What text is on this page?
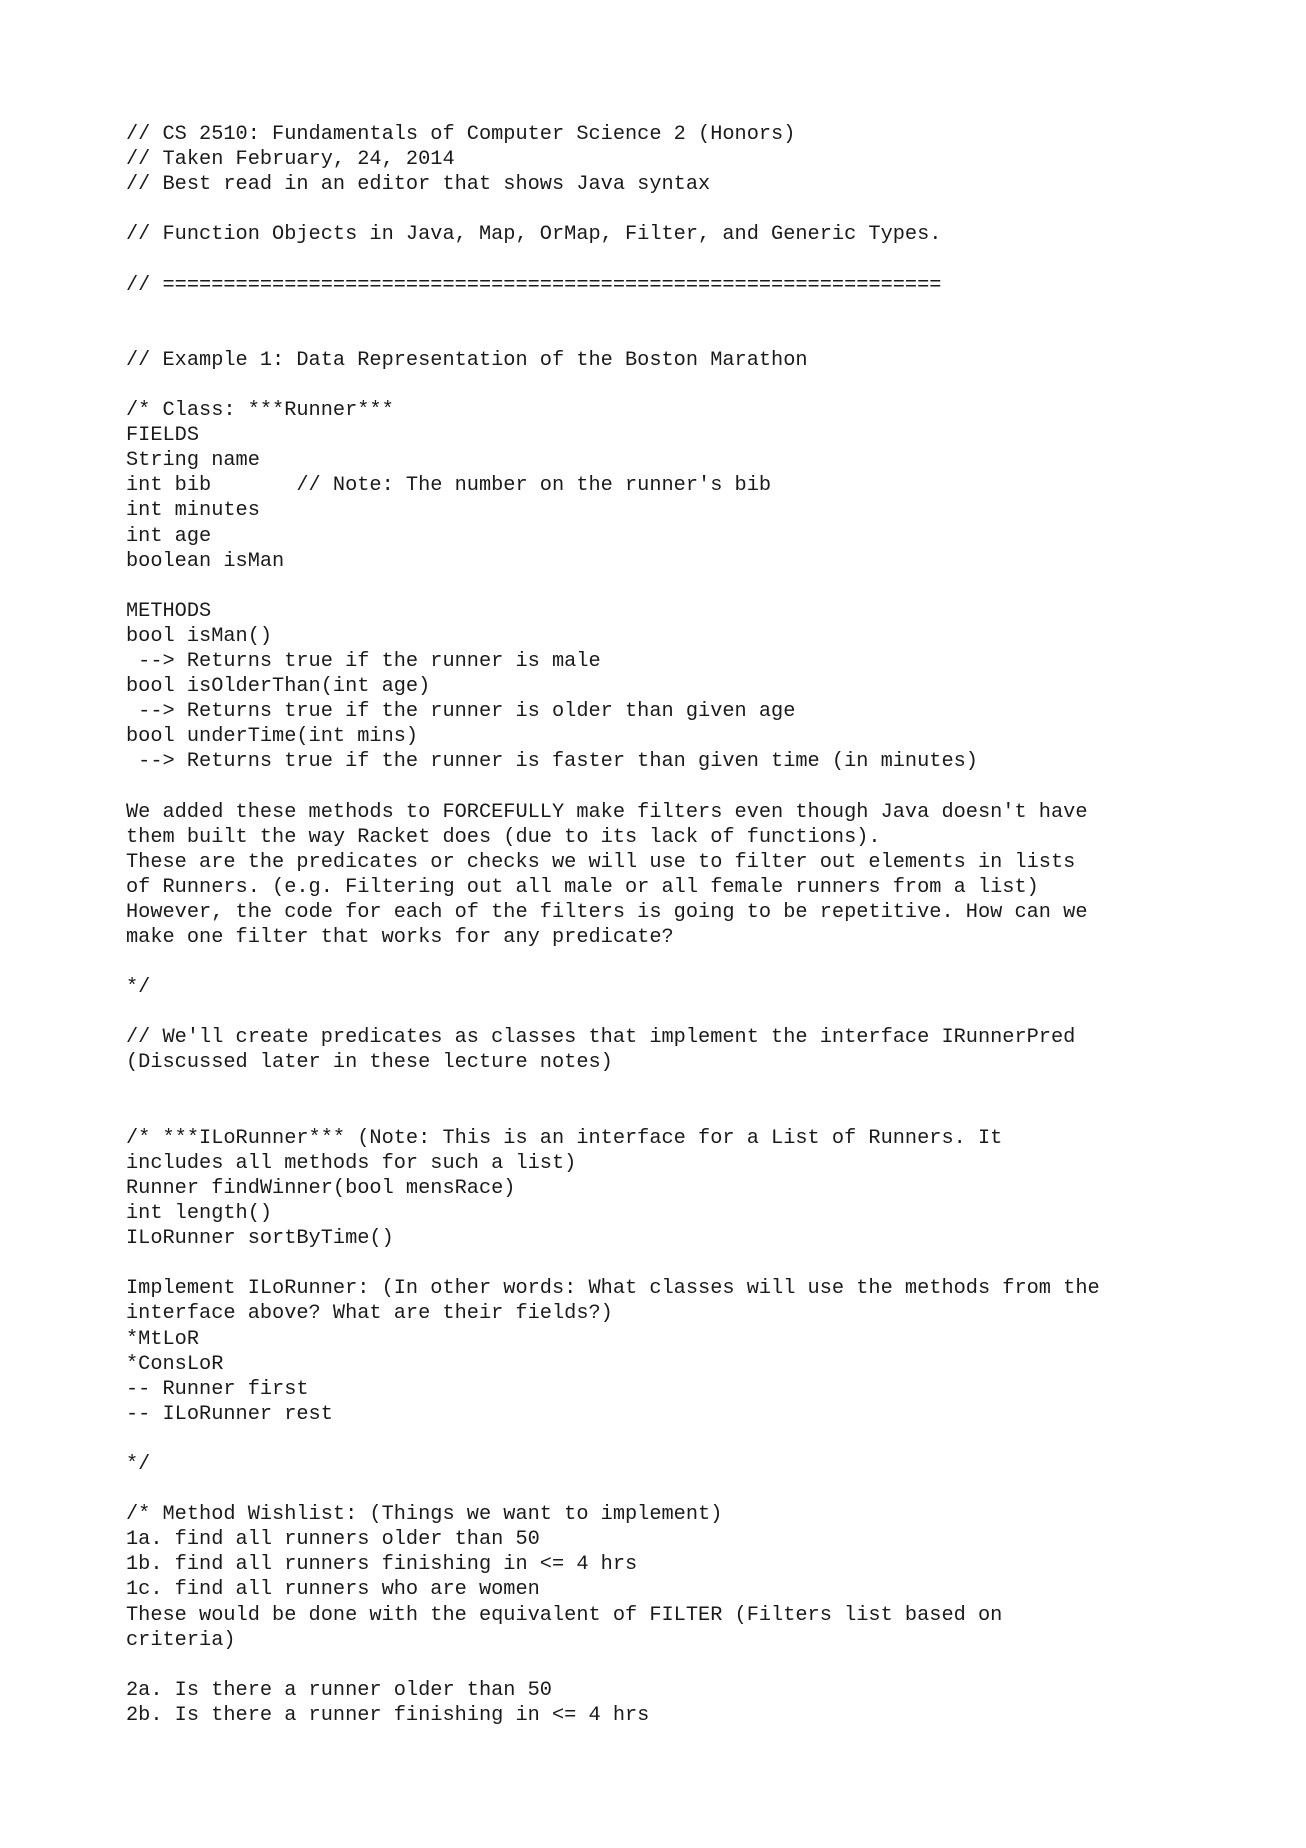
// CS 2510: Fundamentals of Computer Science 2 (Honors)
// Taken February, 24, 2014
// Best read in an editor that shows Java syntax
// Function Objects in Java, Map, OrMap, Filter, and Generic Types.
// ================================================================
// Example 1: Data Representation of the Boston Marathon
/* Class: ***Runner***
FIELDS
String name
int bib       // Note: The number on the runner's bib
int minutes
int age
boolean isMan
METHODS
bool isMan()
--> Returns true if the runner is male
bool isOlderThan(int age)
--> Returns true if the runner is older than given age
bool underTime(int mins)
--> Returns true if the runner is faster than given time (in minutes)
We added these methods to FORCEFULLY make filters even though Java doesn't have
them built the way Racket does (due to its lack of functions).
These are the predicates or checks we will use to filter out elements in lists
of Runners. (e.g. Filtering out all male or all female runners from a list)
However, the code for each of the filters is going to be repetitive. How can we
make one filter that works for any predicate?
*/
// We'll create predicates as classes that implement the interface IRunnerPred
(Discussed later in these lecture notes)
/* ***ILoRunner*** (Note: This is an interface for a List of Runners. It
includes all methods for such a list)
Runner findWinner(bool mensRace)
int length()
ILoRunner sortByTime()
Implement ILoRunner: (In other words: What classes will use the methods from the
interface above? What are their fields?)
*MtLoR
*ConsLoR
-- Runner first
-- ILoRunner rest
*/
/* Method Wishlist: (Things we want to implement)
1a. find all runners older than 50
1b. find all runners finishing in <= 4 hrs
1c. find all runners who are women
These would be done with the equivalent of FILTER (Filters list based on
criteria)
2a. Is there a runner older than 50
2b. Is there a runner finishing in <= 4 hrs
